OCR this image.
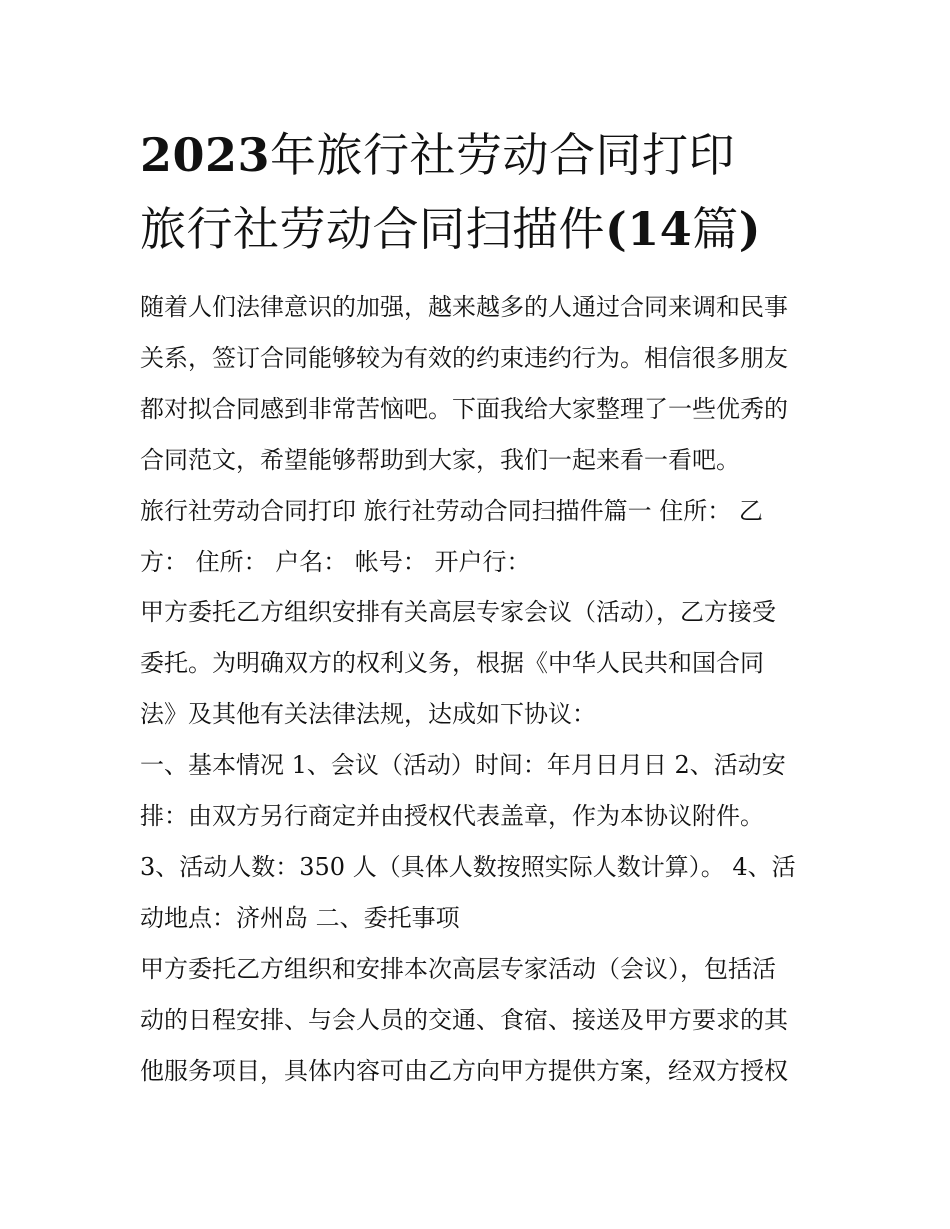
2023年旅行社劳动合同打印
旅行社劳动合同扫描件(14篇)

随着人们法律意识的加强，越来越多的人通过合同来调和民事
关系，签订合同能够较为有效的约束违约行为。相信很多朋友
都对拟合同感到非常苦恼吧。下面我给大家整理了一些优秀的
合同范文，希望能够帮助到大家，我们一起来看一看吧。

旅行社劳动合同打印 旅行社劳动合同扫描件篇一 住所： 乙
方： 住所： 户名： 帐号： 开户行：

甲方委托乙方组织安排有关高层专家会议（活动），乙方接受
委托。为明确双方的权利义务，根据《中华人民共和国合同
法》及其他有关法律法规，达成如下协议：

一、基本情况 1、会议（活动）时间：年月日月日 2、活动安
排：由双方另行商定并由授权代表盖章，作为本协议附件。
3、活动人数：350 人（具体人数按照实际人数计算）。 4、活
动地点：济州岛 二、委托事项

甲方委托乙方组织和安排本次高层专家活动（会议），包括活
动的日程安排、与会人员的交通、食宿、接送及甲方要求的其
他服务项目，具体内容可由乙方向甲方提供方案，经双方授权
